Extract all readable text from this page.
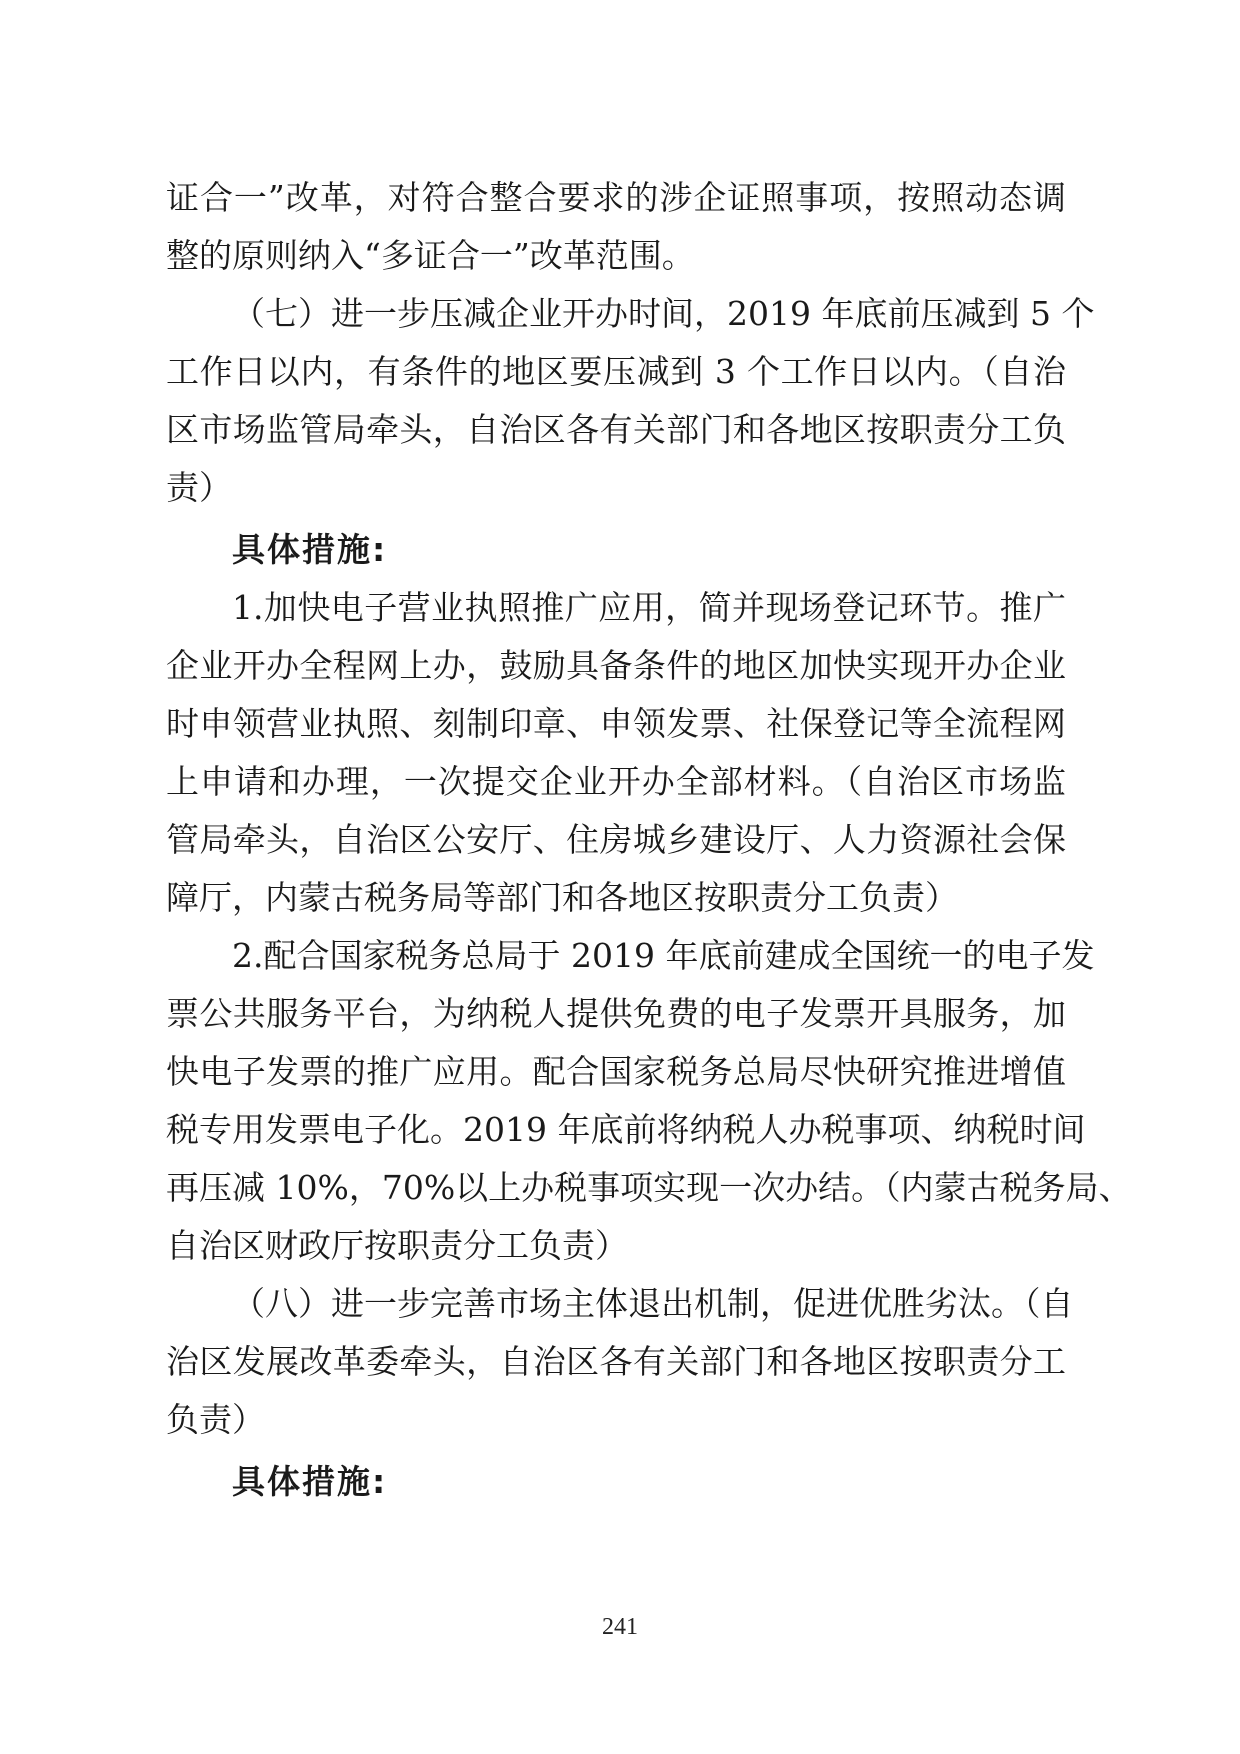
证合一”改革，对符合整合要求的涉企证照事项，按照动态调
整的原则纳入“多证合一”改革范围。
（七）进一步压减企业开办时间，2019 年底前压减到 5 个
工作日以内，有条件的地区要压减到 3 个工作日以内。（自治
区市场监管局牵头，自治区各有关部门和各地区按职责分工负
责）
具体措施:
1.加快电子营业执照推广应用，简并现场登记环节。推广
企业开办全程网上办，鼓励具备条件的地区加快实现开办企业
时申领营业执照、刻制印章、申领发票、社保登记等全流程网
上申请和办理，一次提交企业开办全部材料。（自治区市场监
管局牵头，自治区公安厅、住房城乡建设厅、人力资源社会保
障厅，内蒙古税务局等部门和各地区按职责分工负责）
2.配合国家税务总局于 2019 年底前建成全国统一的电子发
票公共服务平台，为纳税人提供免费的电子发票开具服务，加
快电子发票的推广应用。配合国家税务总局尽快研究推进增值
税专用发票电子化。2019 年底前将纳税人办税事项、纳税时间
再压减 10%，70%以上办税事项实现一次办结。（内蒙古税务局、
自治区财政厅按职责分工负责）
（八）进一步完善市场主体退出机制，促进优胜劣汰。（自
治区发展改革委牵头，自治区各有关部门和各地区按职责分工
负责）
具体措施:
241
